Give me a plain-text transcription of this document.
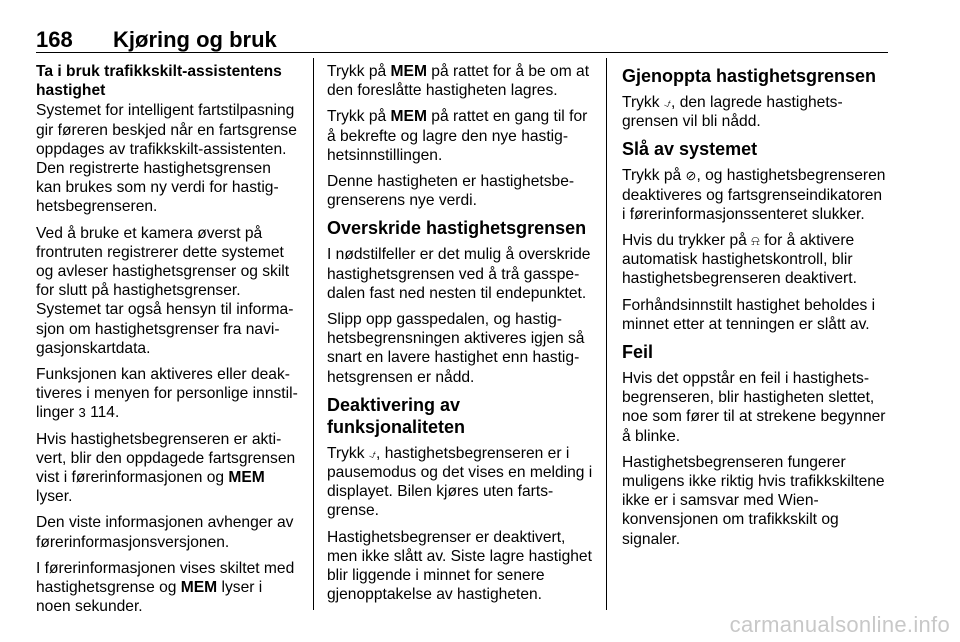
168 Kjøring og bruk
Ta i bruk trafikkskilt-assistentens hastighet

Systemet for intelligent fartstilpasning gir føreren beskjed når en fartsgrense oppdages av trafikkskilt-assistenten. Den registrerte hastighetsgrensen kan brukes som ny verdi for hastighetsbegrenseren.

Ved å bruke et kamera øverst på frontruten registrerer dette systemet og avleser hastighetsgrenser og skilt for slutt på hastighetsgrenser. Systemet tar også hensyn til informasjon om hastighetsgrenser fra navigasjonskartdata.

Funksjonen kan aktiveres eller deaktiveres i menyen for personlige innstillinger 3 114.

Hvis hastighetsbegrenseren er aktivert, blir den oppdagede fartsgrensen vist i førerinformasjonen og MEM lyser.

Den viste informasjonen avhenger av førerinformasjonsversjonen.

I førerinformasjonen vises skiltet med hastighetsgrense og MEM lyser i noen sekunder.

Trykk på MEM på rattet for å be om at den foreslåtte hastigheten lagres.

Trykk på MEM på rattet en gang til for å bekrefte og lagre den nye hastighetsinnstillingen.

Denne hastigheten er hastighetsbegrenserens nye verdi.

Overskride hastighetsgrensen

I nødstilfeller er det mulig å overskride hastighetsgrensen ved å trå gasspedalen fast ned nesten til endepunktet.

Slipp opp gasspedalen, og hastighetsbegrensningen aktiveres igjen så snart en lavere hastighet enn hastighetsgrensen er nådd.

Deaktivering av funksjonaliteten

Trykk ⍻, hastighetsbegrenseren er i pausemodus og det vises en melding i displayet. Bilen kjøres uten fartsgrense.

Hastighetsbegrenser er deaktivert, men ikke slått av. Siste lagre hastighet blir liggende i minnet for senere gjenopptakelse av hastigheten.

Gjenoppta hastighetsgrensen

Trykk ⍻, den lagrede hastighetsgrensen vil bli nådd.

Slå av systemet

Trykk på ⊘, og hastighetsbegrenseren deaktiveres og fartsgrenseindikatoren i førerinformasjonssenteret slukker.

Hvis du trykker på ⍾ for å aktivere automatisk hastighetskontroll, blir hastighetsbegrenseren deaktivert.

Forhåndsinnstilt hastighet beholdes i minnet etter at tenningen er slått av.

Feil

Hvis det oppstår en feil i hastighetsbegrenseren, blir hastigheten slettet, noe som fører til at strekene begynner å blinke.

Hastighetsbegrenseren fungerer muligens ikke riktig hvis trafikkskiltene ikke er i samsvar med Wien-konvensjonen om trafikkskilt og signaler.

carmanualsonline.info
